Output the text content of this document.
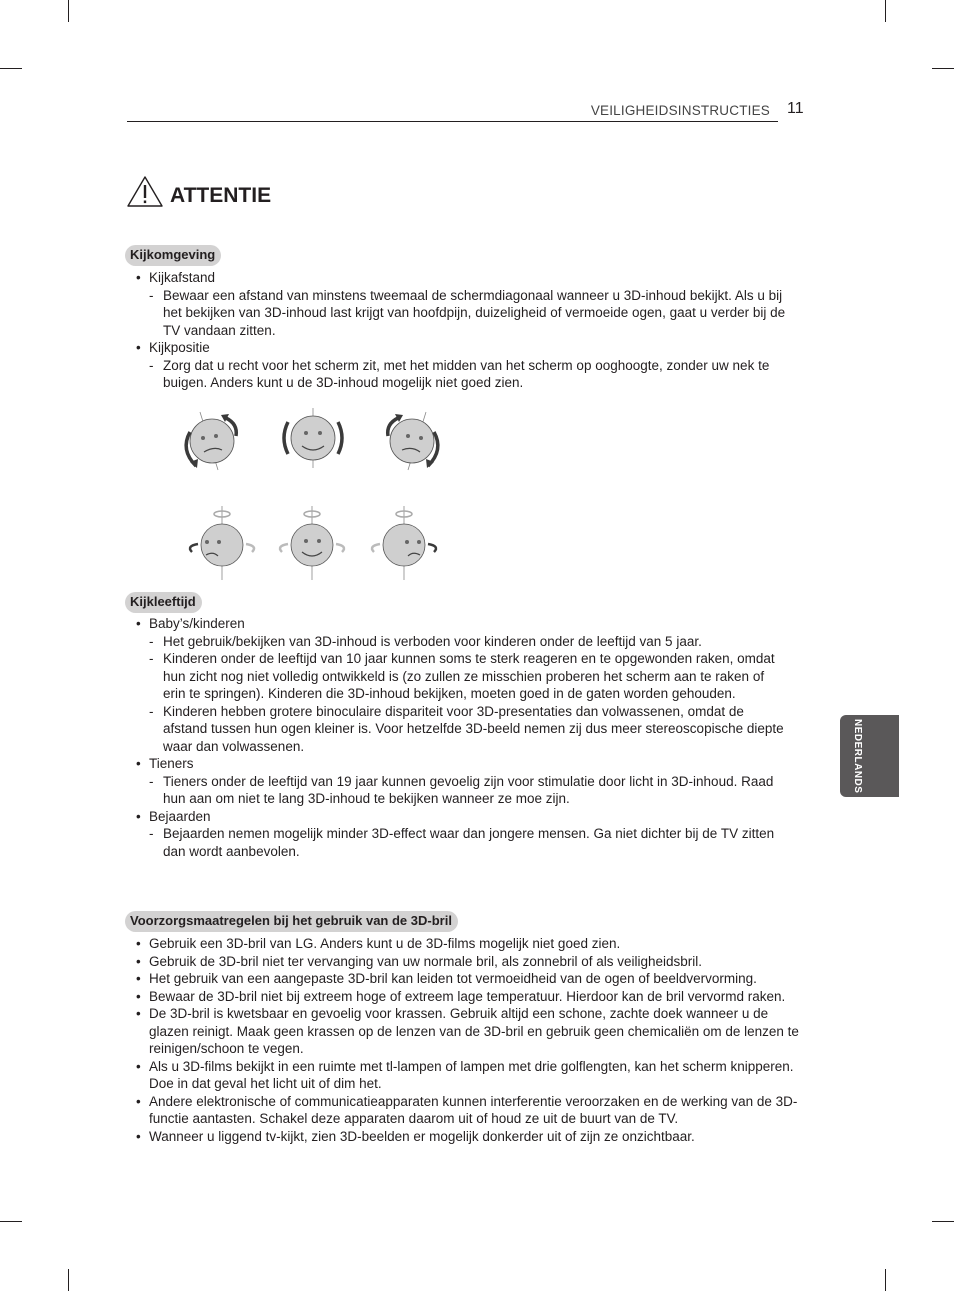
VEILIGHEIDSINSTRUCTIES 11
ATTENTIE
Kijkomgeving
• Kijkafstand
- Bewaar een afstand van minstens tweemaal de schermdiagonaal wanneer u 3D-inhoud bekijkt. Als u bij het bekijken van 3D-inhoud last krijgt van hoofdpijn, duizeligheid of vermoeide ogen, gaat u verder bij de TV vandaan zitten.
• Kijkpositie
- Zorg dat u recht voor het scherm zit, met het midden van het scherm op ooghoogte, zonder uw nek te buigen. Anders kunt u de 3D-inhoud mogelijk niet goed zien.
Kijkleeftijd
• Baby’s/kinderen
- Het gebruik/bekijken van 3D-inhoud is verboden voor kinderen onder de leeftijd van 5 jaar.
- Kinderen onder de leeftijd van 10 jaar kunnen soms te sterk reageren en te opgewonden raken, omdat hun zicht nog niet volledig ontwikkeld is (zo zullen ze misschien proberen het scherm aan te raken of erin te springen). Kinderen die 3D-inhoud bekijken, moeten goed in de gaten worden gehouden.
- Kinderen hebben grotere binoculaire dispariteit voor 3D-presentaties dan volwassenen, omdat de afstand tussen hun ogen kleiner is. Voor hetzelfde 3D-beeld nemen zij dus meer stereoscopische diepte waar dan volwassenen.
• Tieners
- Tieners onder de leeftijd van 19 jaar kunnen gevoelig zijn voor stimulatie door licht in 3D-inhoud. Raad hun aan om niet te lang 3D-inhoud te bekijken wanneer ze moe zijn.
• Bejaarden
- Bejaarden nemen mogelijk minder 3D-effect waar dan jongere mensen. Ga niet dichter bij de TV zitten dan wordt aanbevolen.
Voorzorgsmaatregelen bij het gebruik van de 3D-bril
• Gebruik een 3D-bril van LG. Anders kunt u de 3D-films mogelijk niet goed zien.
• Gebruik de 3D-bril niet ter vervanging van uw normale bril, als zonnebril of als veiligheidsbril.
• Het gebruik van een aangepaste 3D-bril kan leiden tot vermoeidheid van de ogen of beeldvervorming.
• Bewaar de 3D-bril niet bij extreem hoge of extreem lage temperatuur. Hierdoor kan de bril vervormd raken.
• De 3D-bril is kwetsbaar en gevoelig voor krassen. Gebruik altijd een schone, zachte doek wanneer u de glazen reinigt. Maak geen krassen op de lenzen van de 3D-bril en gebruik geen chemicaliën om de lenzen te reinigen/schoon te vegen.
• Als u 3D-films bekijkt in een ruimte met tl-lampen of lampen met drie golflengten, kan het scherm knipperen. Doe in dat geval het licht uit of dim het.
• Andere elektronische of communicatieapparaten kunnen interferentie veroorzaken en de werking van de 3D-functie aantasten. Schakel deze apparaten daarom uit of houd ze uit de buurt van de TV.
• Wanneer u liggend tv-kijkt, zien 3D-beelden er mogelijk donkerder uit of zijn ze onzichtbaar.
NEDERLANDS
